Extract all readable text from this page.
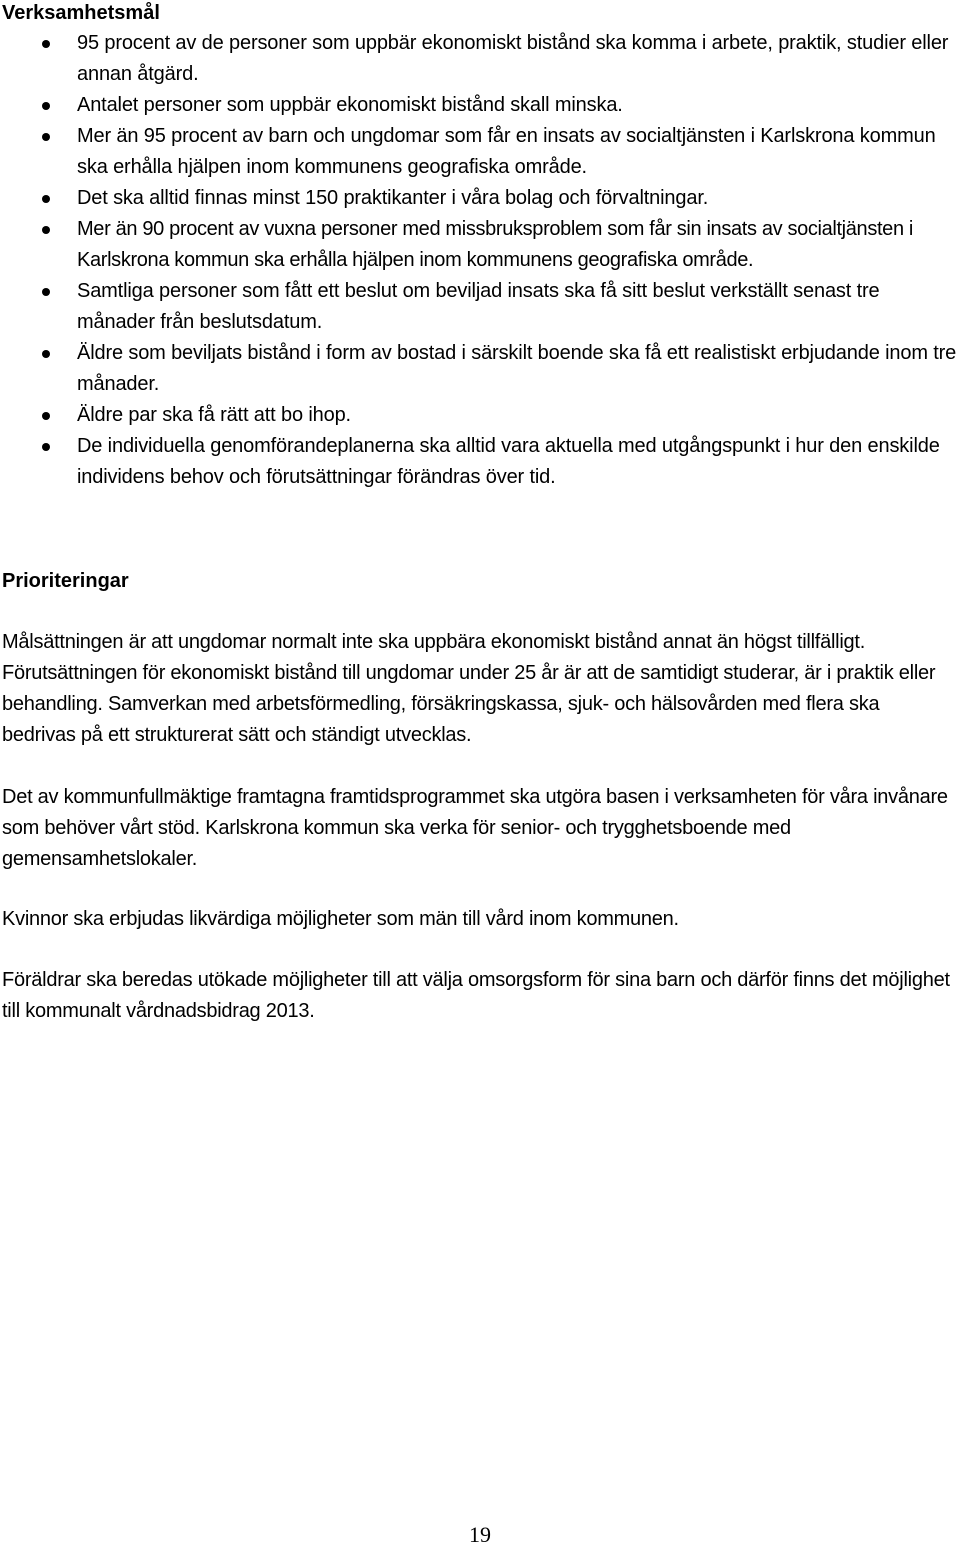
Verksamhetsmål
95 procent av de personer som uppbär ekonomiskt bistånd ska komma i arbete, praktik, studier eller annan åtgärd.
Antalet personer som uppbär ekonomiskt bistånd skall minska.
Mer än 95 procent av barn och ungdomar som får en insats av socialtjänsten i Karlskrona kommun ska erhålla hjälpen inom kommunens geografiska område.
Det ska alltid finnas minst 150 praktikanter i våra bolag och förvaltningar.
Mer än 90 procent av vuxna personer med missbruksproblem som får sin insats av socialtjänsten i Karlskrona kommun ska erhålla hjälpen inom kommunens geografiska område.
Samtliga personer som fått ett beslut om beviljad insats ska få sitt beslut verkställt senast tre månader från beslutsdatum.
Äldre som beviljats bistånd i form av bostad i särskilt boende ska få ett realistiskt erbjudande inom tre månader.
Äldre par ska få rätt att bo ihop.
De individuella genomförandeplanerna ska alltid vara aktuella med utgångspunkt i hur den enskilde individens behov och förutsättningar förändras över tid.
Prioriteringar

Målsättningen är att ungdomar normalt inte ska uppbära ekonomiskt bistånd annat än högst tillfälligt. Förutsättningen för ekonomiskt bistånd till ungdomar under 25 år är att de samtidigt studerar, är i praktik eller behandling. Samverkan med arbetsförmedling, försäkringskassa, sjuk- och hälsovården med flera ska bedrivas på ett strukturerat sätt och ständigt utvecklas.

Det av kommunfullmäktige framtagna framtidsprogrammet ska utgöra basen i verksamheten för våra invånare som behöver vårt stöd. Karlskrona kommun ska verka för senior- och trygghetsboende med gemensamhetslokaler.

Kvinnor ska erbjudas likvärdiga möjligheter som män till vård inom kommunen.

Föräldrar ska beredas utökade möjligheter till att välja omsorgsform för sina barn och därför finns det möjlighet till kommunalt vårdnadsbidrag 2013.

19
